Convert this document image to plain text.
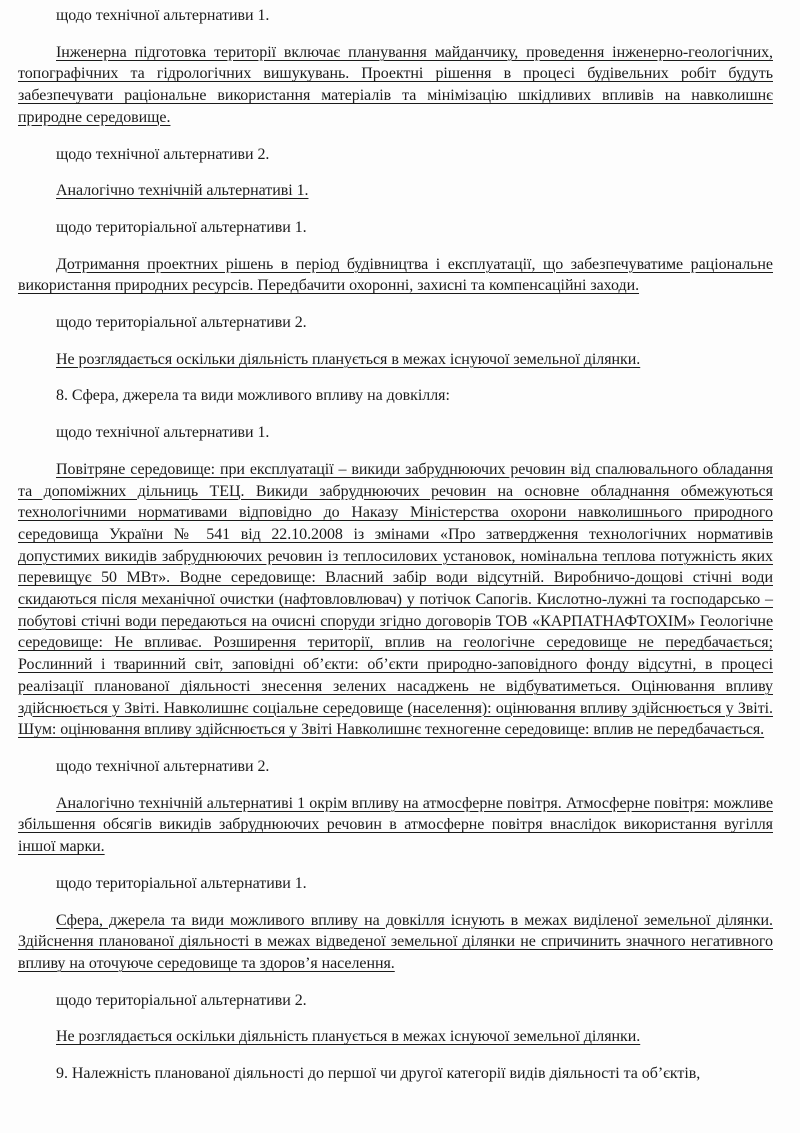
щодо технічної альтернативи 1.

Інженерна підготовка території включає планування майданчику, проведення інженерно-геологічних, топографічних та гідрологічних вишукувань. Проектні рішення в процесі будівельних робіт будуть забезпечувати раціональне використання матеріалів та мінімізацію шкідливих впливів на навколишнє природне середовище.

щодо технічної альтернативи 2.

Аналогічно технічній альтернативі 1.

щодо територіальної альтернативи 1.

Дотримання проектних рішень в період будівництва і експлуатації, що забезпечуватиме раціональне використання природних ресурсів. Передбачити охоронні, захисні та компенсаційні заходи.

щодо територіальної альтернативи 2.

Не розглядається оскільки діяльність планується в межах існуючої земельної ділянки.

8. Сфера, джерела та види можливого впливу на довкілля:

щодо технічної альтернативи 1.

Повітряне середовище: при експлуатації – викиди забруднюючих речовин від спалювального обладання та допоміжних дільниць ТЕЦ. Викиди забруднюючих речовин на основне обладнання обмежуються технологічними нормативами відповідно до Наказу Міністерства охорони навколишнього природного середовища України № 541 від 22.10.2008 із змінами «Про затвердження технологічних нормативів допустимих викидів забруднюючих речовин із теплосилових установок, номінальна теплова потужність яких перевищує 50 МВт». Водне середовище: Власний забір води відсутній. Виробничо-дощові стічні води скидаються після механічної очистки (нафтовловлювач) у потічок Сапогів. Кислотно-лужні та господарсько – побутові стічні води передаються на очисні споруди згідно договорів ТОВ «КАРПАТНАФТОХІМ» Геологічне середовище: Не впливає. Розширення території, вплив на геологічне середовище не передбачається; Рослинний і тваринний світ, заповідні об’єкти: об’єкти природно-заповідного фонду відсутні, в процесі реалізації планованої діяльності знесення зелених насаджень не відбуватиметься. Оцінювання впливу здійснюється у Звіті. Навколишнє соціальне середовище (населення): оцінювання впливу здійснюється у Звіті. Шум: оцінювання впливу здійснюється у Звіті Навколишнє техногенне середовище: вплив не передбачається.

щодо технічної альтернативи 2.

Аналогічно технічній альтернативі 1 окрім впливу на атмосферне повітря. Атмосферне повітря: можливе збільшення обсягів викидів забруднюючих речовин в атмосферне повітря внаслідок використання вугілля іншої марки.

щодо територіальної альтернативи 1.

Сфера, джерела та види можливого впливу на довкілля існують в межах виділеної земельної ділянки. Здійснення планованої діяльності в межах відведеної земельної ділянки не спричинить значного негативного впливу на оточуюче середовище та здоров’я населення.

щодо територіальної альтернативи 2.

Не розглядається оскільки діяльність планується в межах існуючої земельної ділянки.

9. Належність планованої діяльності до першої чи другої категорії видів діяльності та об’єктів,
